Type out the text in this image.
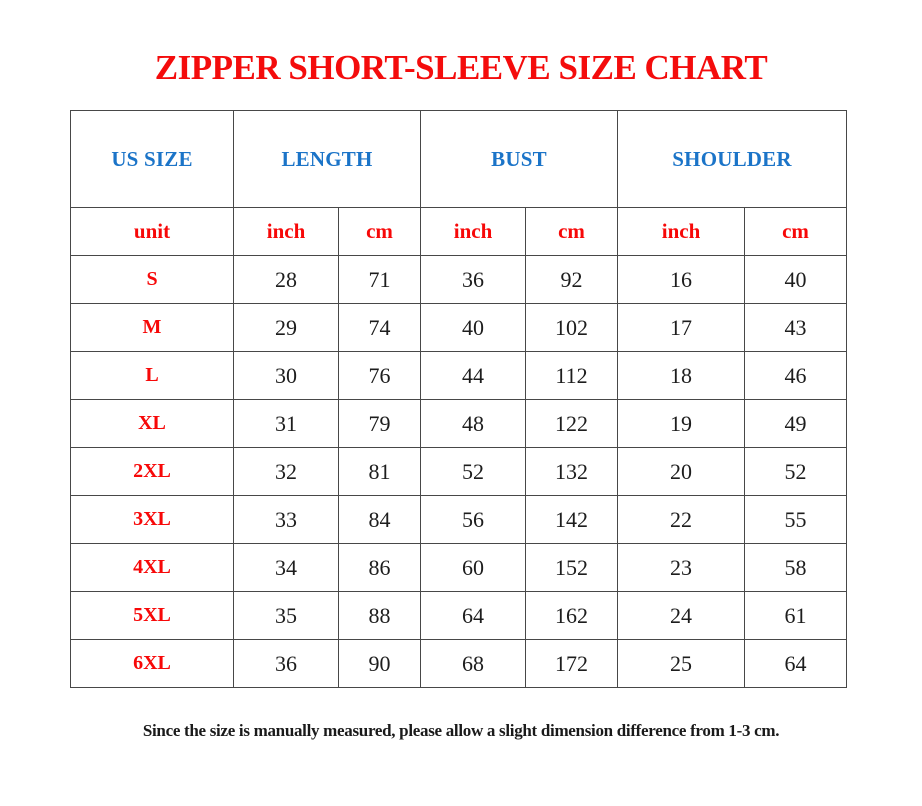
ZIPPER SHORT-SLEEVE SIZE CHART
US SIZE	LENGTH		BUST		SHOULDER	
unit	inch	cm	inch	cm	inch	cm
S	28	71	36	92	16	40
M	29	74	40	102	17	43
L	30	76	44	112	18	46
XL	31	79	48	122	19	49
2XL	32	81	52	132	20	52
3XL	33	84	56	142	22	55
4XL	34	86	60	152	23	58
5XL	35	88	64	162	24	61
6XL	36	90	68	172	25	64
Since the size is manually measured, please allow a slight dimension difference from 1-3 cm.
